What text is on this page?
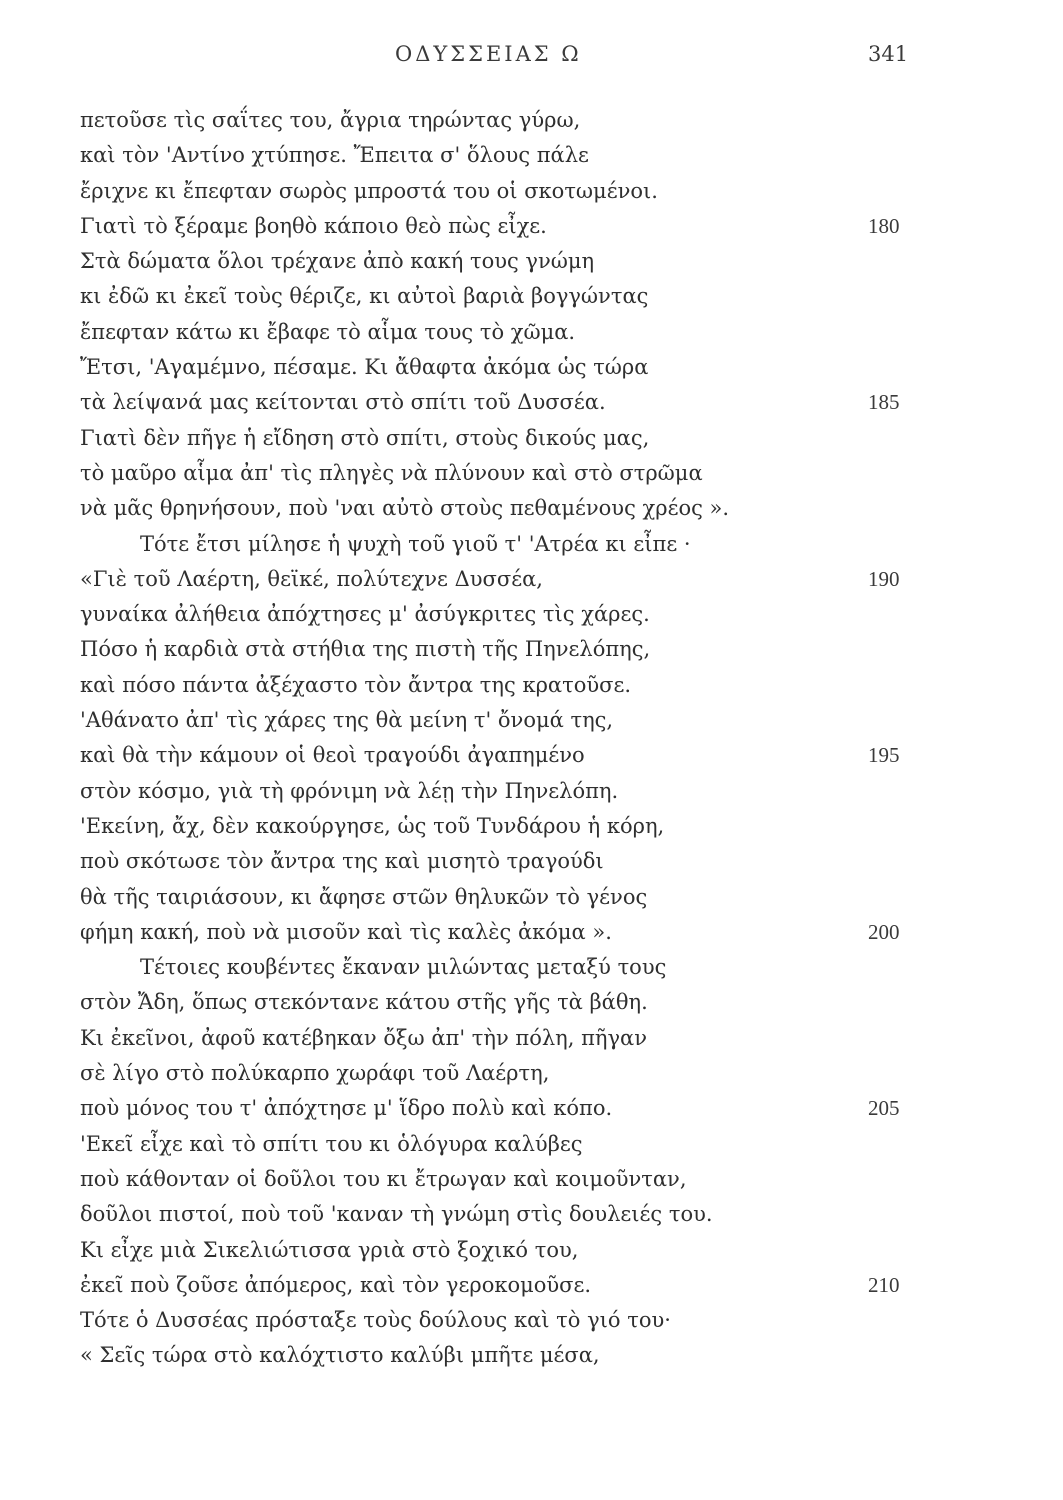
ΟΔΥΣΣΕΙΑΣ Ω	341
πετοῦσε τὶς σαΐτες του, ἄγρια τηρώντας γύρω,
καὶ τὸν 'Αντίνο χτύπησε. Ἔπειτα σ' ὅλους πάλε
ἔριχνε κι ἔπεφταν σωρὸς μπροστά του οἱ σκοτωμένοι.
Γιατὶ τὸ ξέραμε βοηθὸ κάποιο θεὸ πὼς εἶχε.	180
Στὰ δώματα ὅλοι τρέχανε ἀπὸ κακή τους γνώμη
κι ἐδῶ κι ἐκεῖ τοὺς θέριζε, κι αὐτοὶ βαριὰ βογγώντας
ἔπεφταν κάτω κι ἔβαφε τὸ αἷμα τους τὸ χῶμα.
Ἔτσι, 'Αγαμέμνο, πέσαμε. Κι ἄθαφτα ἀκόμα ὡς τώρα
τὰ λείψανά μας κείτονται στὸ σπίτι τοῦ Δυσσέα.	185
Γιατὶ δὲν πῆγε ἡ εἴδηση στὸ σπίτι, στοὺς δικούς μας,
τὸ μαῦρο αἷμα ἀπ' τὶς πληγὲς νὰ πλύνουν καὶ στὸ στρῶμα
νὰ μᾶς θρηνήσουν, ποὺ 'ναι αὐτὸ στοὺς πεθαμένους χρέος ».
Τότε ἔτσι μίλησε ἡ ψυχὴ τοῦ γιοῦ τ' 'Ατρέα κι εἶπε ·
«Γιὲ τοῦ Λαέρτη, θεϊκέ, πολύτεχνε Δυσσέα,	190
γυναίκα ἀλήθεια ἀπόχτησες μ' ἀσύγκριτες τὶς χάρες.
Πόσο ἡ καρδιὰ στὰ στήθια της πιστὴ τῆς Πηνελόπης,
καὶ πόσο πάντα ἀξέχαστο τὸν ἄντρα της κρατοῦσε.
'Αθάνατο ἀπ' τὶς χάρες της θὰ μείνη τ' ὄνομά της,
καὶ θὰ τὴν κάμουν οἱ θεοὶ τραγούδι ἀγαπημένο	195
στὸν κόσμο, γιὰ τὴ φρόνιμη νὰ λέῃ τὴν Πηνελόπη.
'Εκείνη, ἄχ, δὲν κακούργησε, ὡς τοῦ Τυνδάρου ἡ κόρη,
ποὺ σκότωσε τὸν ἄντρα της καὶ μισητὸ τραγούδι
θὰ τῆς ταιριάσουν, κι ἄφησε στῶν θηλυκῶν τὸ γένος
φήμη κακή, ποὺ νὰ μισοῦν καὶ τὶς καλὲς ἀκόμα ».	200
Τέτοιες κουβέντες ἔκαναν μιλώντας μεταξύ τους
στὸν Ἄδη, ὅπως στεκόντανε κάτου στῆς γῆς τὰ βάθη.
Κι ἐκεῖνοι, ἀφοῦ κατέβηκαν ὄξω ἀπ' τὴν πόλη, πῆγαν
σὲ λίγο στὸ πολύκαρπο χωράφι τοῦ Λαέρτη,
ποὺ μόνος του τ' ἀπόχτησε μ' ἵδρο πολὺ καὶ κόπο.	205
'Εκεῖ εἶχε καὶ τὸ σπίτι του κι ὁλόγυρα καλύβες
ποὺ κάθονταν οἱ δοῦλοι του κι ἔτρωγαν καὶ κοιμοῦνταν,
δοῦλοι πιστοί, ποὺ τοῦ 'καναν τὴ γνώμη στὶς δουλειές του.
Κι εἶχε μιὰ Σικελιώτισσα γριὰ στὸ ξοχικό του,
ἐκεῖ ποὺ ζοῦσε ἀπόμερος, καὶ τὸν γεροκομοῦσε.	210
Τότε ὁ Δυσσέας πρόσταξε τοὺς δούλους καὶ τὸ γιό του·
« Σεῖς τώρα στὸ καλόχτιστο καλύβι μπῆτε μέσα,
